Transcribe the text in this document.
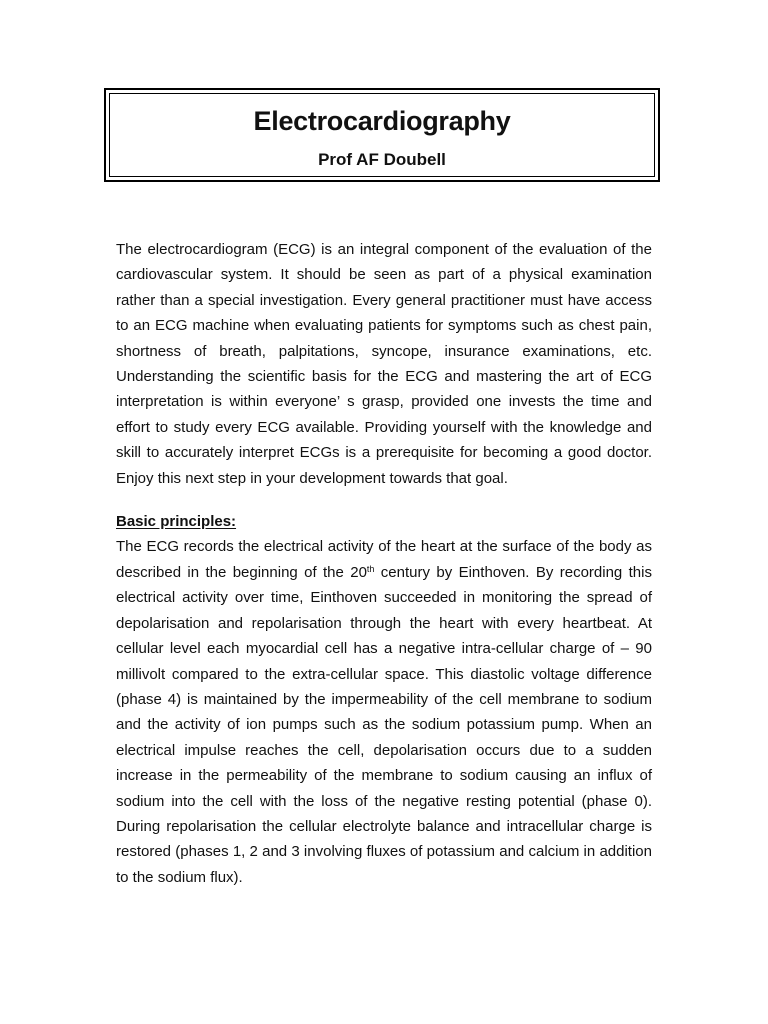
Electrocardiography
Prof AF Doubell

The electrocardiogram (ECG) is an integral component of the evaluation of the cardiovascular system. It should be seen as part of a physical examination rather than a special investigation. Every general practitioner must have access to an ECG machine when evaluating patients for symptoms such as chest pain, shortness of breath, palpitations, syncope, insurance examinations, etc. Understanding the scientific basis for the ECG and mastering the art of ECG interpretation is within everyone’ s grasp, provided one invests the time and effort to study every ECG available. Providing yourself with the knowledge and skill to accurately interpret ECGs is a prerequisite for becoming a good doctor. Enjoy this next step in your development towards that goal.

Basic principles:

The ECG records the electrical activity of the heart at the surface of the body as described in the beginning of the 20th century by Einthoven. By recording this electrical activity over time, Einthoven succeeded in monitoring the spread of depolarisation and repolarisation through the heart with every heartbeat. At cellular level each myocardial cell has a negative intra-cellular charge of – 90 millivolt compared to the extra-cellular space. This diastolic voltage difference (phase 4) is maintained by the impermeability of the cell membrane to sodium and the activity of ion pumps such as the sodium potassium pump. When an electrical impulse reaches the cell, depolarisation occurs due to a sudden increase in the permeability of the membrane to sodium causing an influx of sodium into the cell with the loss of the negative resting potential (phase 0). During repolarisation the cellular electrolyte balance and intracellular charge is restored (phases 1, 2 and 3 involving fluxes of potassium and calcium in addition to the sodium flux).
